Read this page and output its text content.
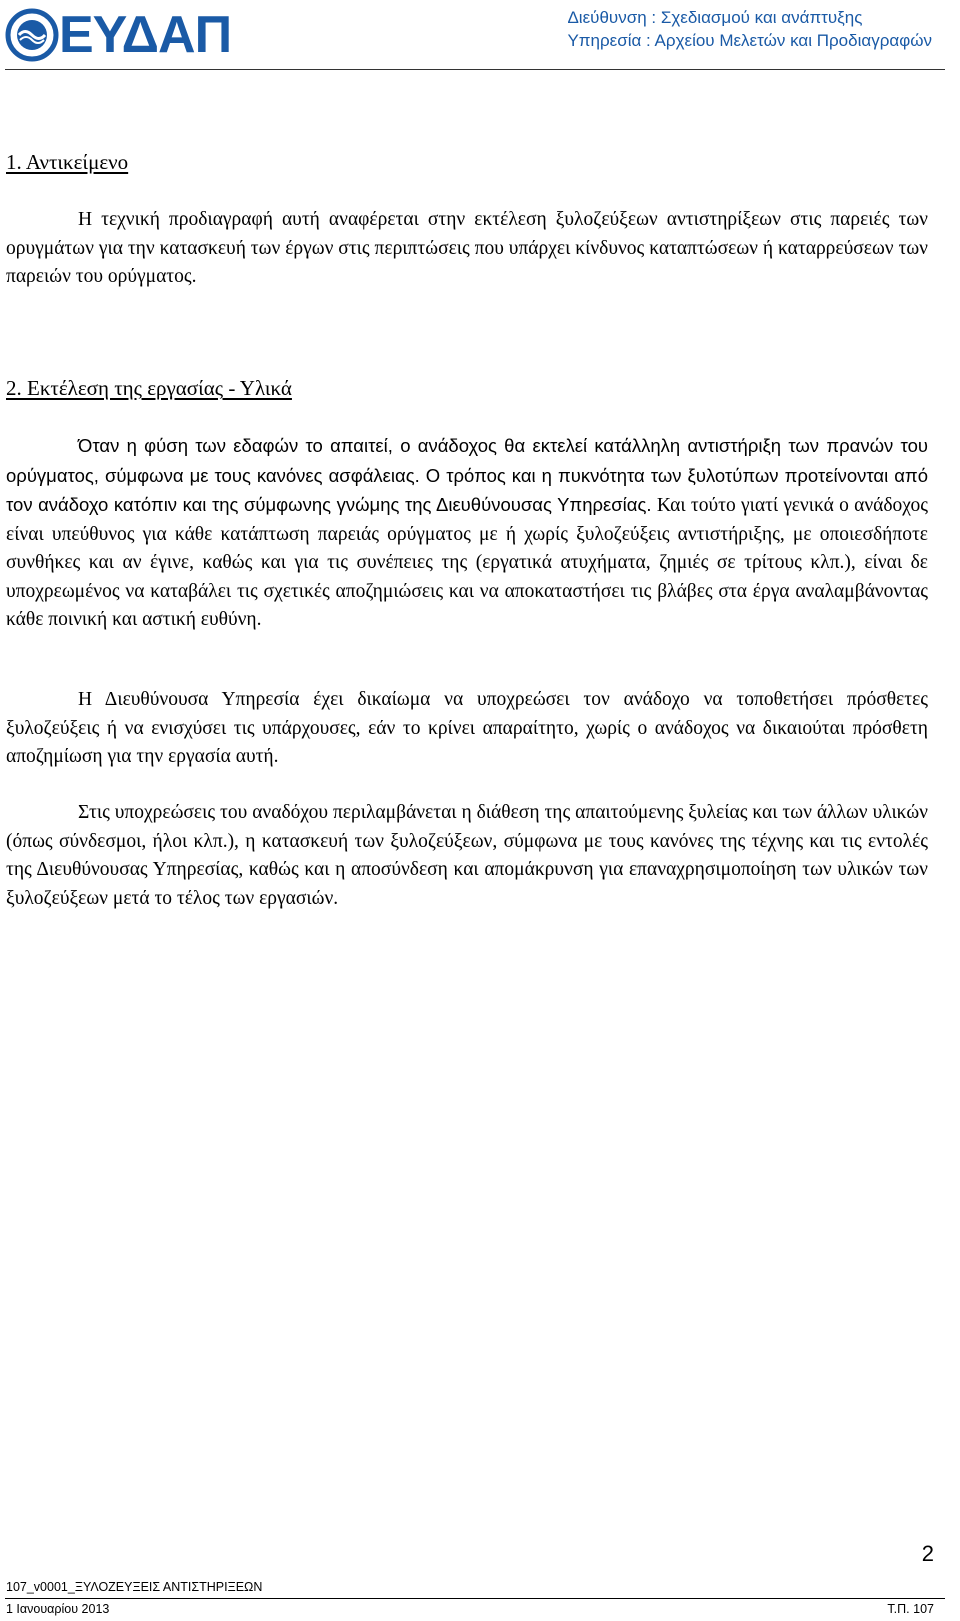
ΕΥΔΑΠ	Διεύθυνση : Σχεδιασμού και ανάπτυξης
Υπηρεσία : Αρχείου Μελετών και Προδιαγραφών
1. Αντικείμενο

Η τεχνική προδιαγραφή αυτή αναφέρεται στην εκτέλεση ξυλοζεύξεων αντιστηρίξεων στις παρειές των ορυγμάτων για την κατασκευή των έργων στις περιπτώσεις που υπάρχει κίνδυνος καταπτώσεων ή καταρρεύσεων των παρειών του ορύγματος.

2. Εκτέλεση της εργασίας - Υλικά

Όταν η φύση των εδαφών το απαιτεί, ο ανάδοχος θα εκτελεί κατάλληλη αντιστήριξη των πρανών του ορύγματος, σύμφωνα με τους κανόνες ασφάλειας. Ο τρόπος και η πυκνότητα των ξυλοτύπων προτείνονται από τον ανάδοχο κατόπιν και της σύμφωνης γνώμης της Διευθύνουσας Υπηρεσίας. Και τούτο γιατί γενικά ο ανάδοχος είναι υπεύθυνος για κάθε κατάπτωση παρειάς ορύγματος με ή χωρίς ξυλοζεύξεις αντιστήριξης, με οποιεσδήποτε συνθήκες και αν έγινε, καθώς και για τις συνέπειες της (εργατικά ατυχήματα, ζημιές σε τρίτους κλπ.), είναι δε υποχρεωμένος να καταβάλει τις σχετικές αποζημιώσεις και να αποκαταστήσει τις βλάβες στα έργα αναλαμβάνοντας κάθε ποινική και αστική ευθύνη.

Η Διευθύνουσα Υπηρεσία έχει δικαίωμα να υποχρεώσει τον ανάδοχο να τοποθετήσει πρόσθετες ξυλοζεύξεις ή να ενισχύσει τις υπάρχουσες, εάν το κρίνει απαραίτητο, χωρίς ο ανάδοχος να δικαιούται πρόσθετη αποζημίωση για την εργασία αυτή.

Στις υποχρεώσεις του αναδόχου περιλαμβάνεται η διάθεση της απαιτούμενης ξυλείας και των άλλων υλικών (όπως σύνδεσμοι, ήλοι κλπ.), η κατασκευή των ξυλοζεύξεων, σύμφωνα με τους κανόνες της τέχνης και τις εντολές της Διευθύνουσας Υπηρεσίας, καθώς και η αποσύνδεση και απομάκρυνση για επαναχρησιμοποίηση των υλικών των ξυλοζεύξεων μετά το τέλος των εργασιών.

2
107_v0001_ΞΥΛΟΖΕΥΞΕΙΣ ΑΝΤΙΣΤΗΡΙΞΕΩΝ
1 Ιανουαρίου 2013	Τ.Π. 107
